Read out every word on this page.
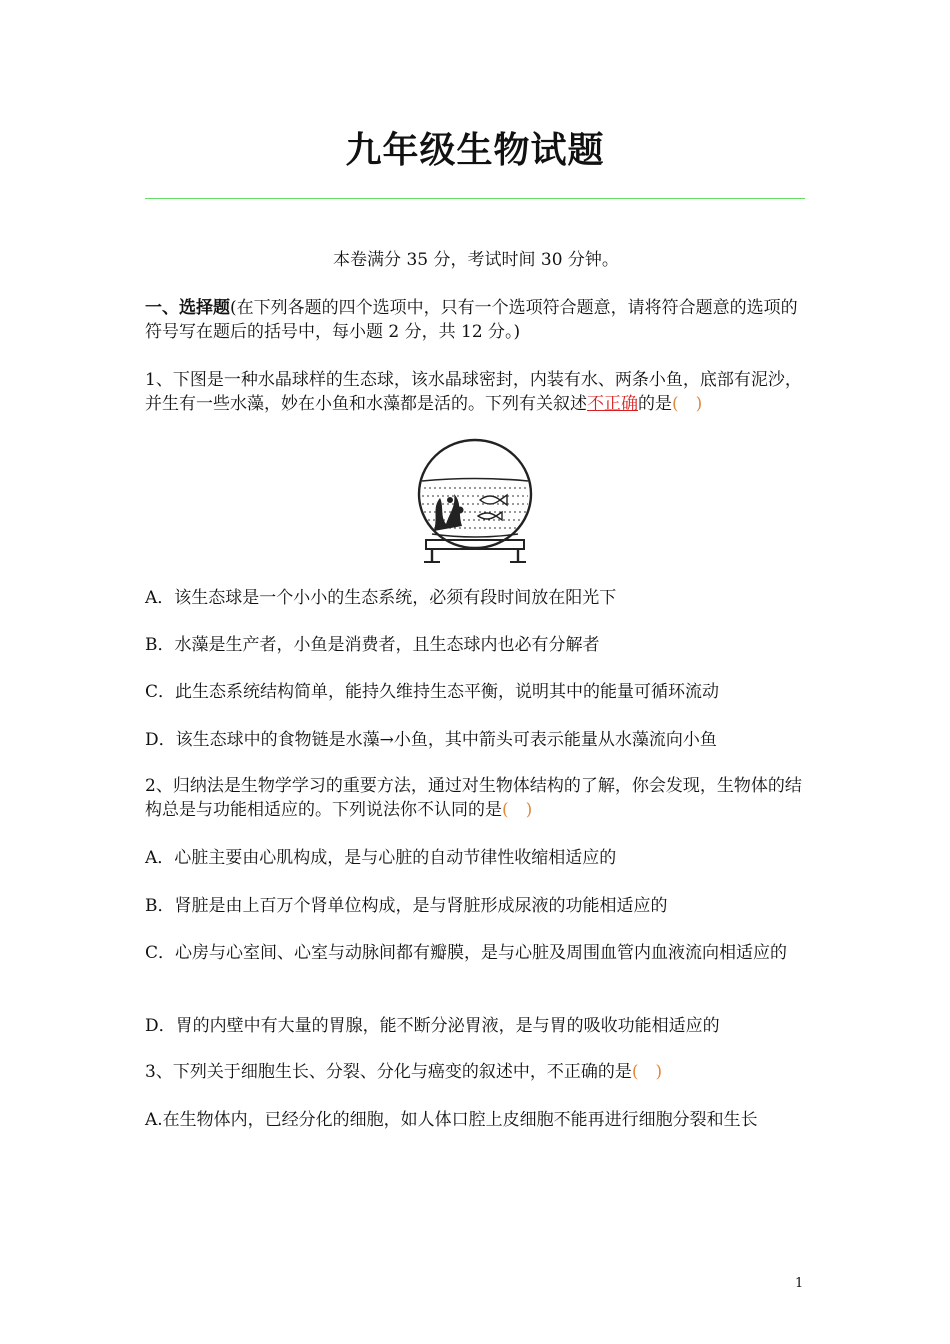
九年级生物试题
本卷满分 35 分，考试时间 30 分钟。
一、选择题(在下列各题的四个选项中，只有一个选项符合题意，请将符合题意的选项的符号写在题后的括号中，每小题 2 分，共 12 分。)
1、下图是一种水晶球样的生态球，该水晶球密封，内装有水、两条小鱼，底部有泥沙，并生有一些水藻，妙在小鱼和水藻都是活的。下列有关叙述不正确的是(　)
A．该生态球是一个小小的生态系统，必须有段时间放在阳光下
B．水藻是生产者，小鱼是消费者，且生态球内也必有分解者
C．此生态系统结构简单，能持久维持生态平衡，说明其中的能量可循环流动
D．该生态球中的食物链是水藻→小鱼，其中箭头可表示能量从水藻流向小鱼
2、归纳法是生物学学习的重要方法，通过对生物体结构的了解，你会发现，生物体的结构总是与功能相适应的。下列说法你不认同的是(　)
A．心脏主要由心肌构成，是与心脏的自动节律性收缩相适应的
B．肾脏是由上百万个肾单位构成，是与肾脏形成尿液的功能相适应的
C．心房与心室间、心室与动脉间都有瓣膜，是与心脏及周围血管内血液流向相适应的
D．胃的内壁中有大量的胃腺，能不断分泌胃液，是与胃的吸收功能相适应的
3、下列关于细胞生长、分裂、分化与癌变的叙述中，不正确的是(　)
A.在生物体内，已经分化的细胞，如人体口腔上皮细胞不能再进行细胞分裂和生长
1
